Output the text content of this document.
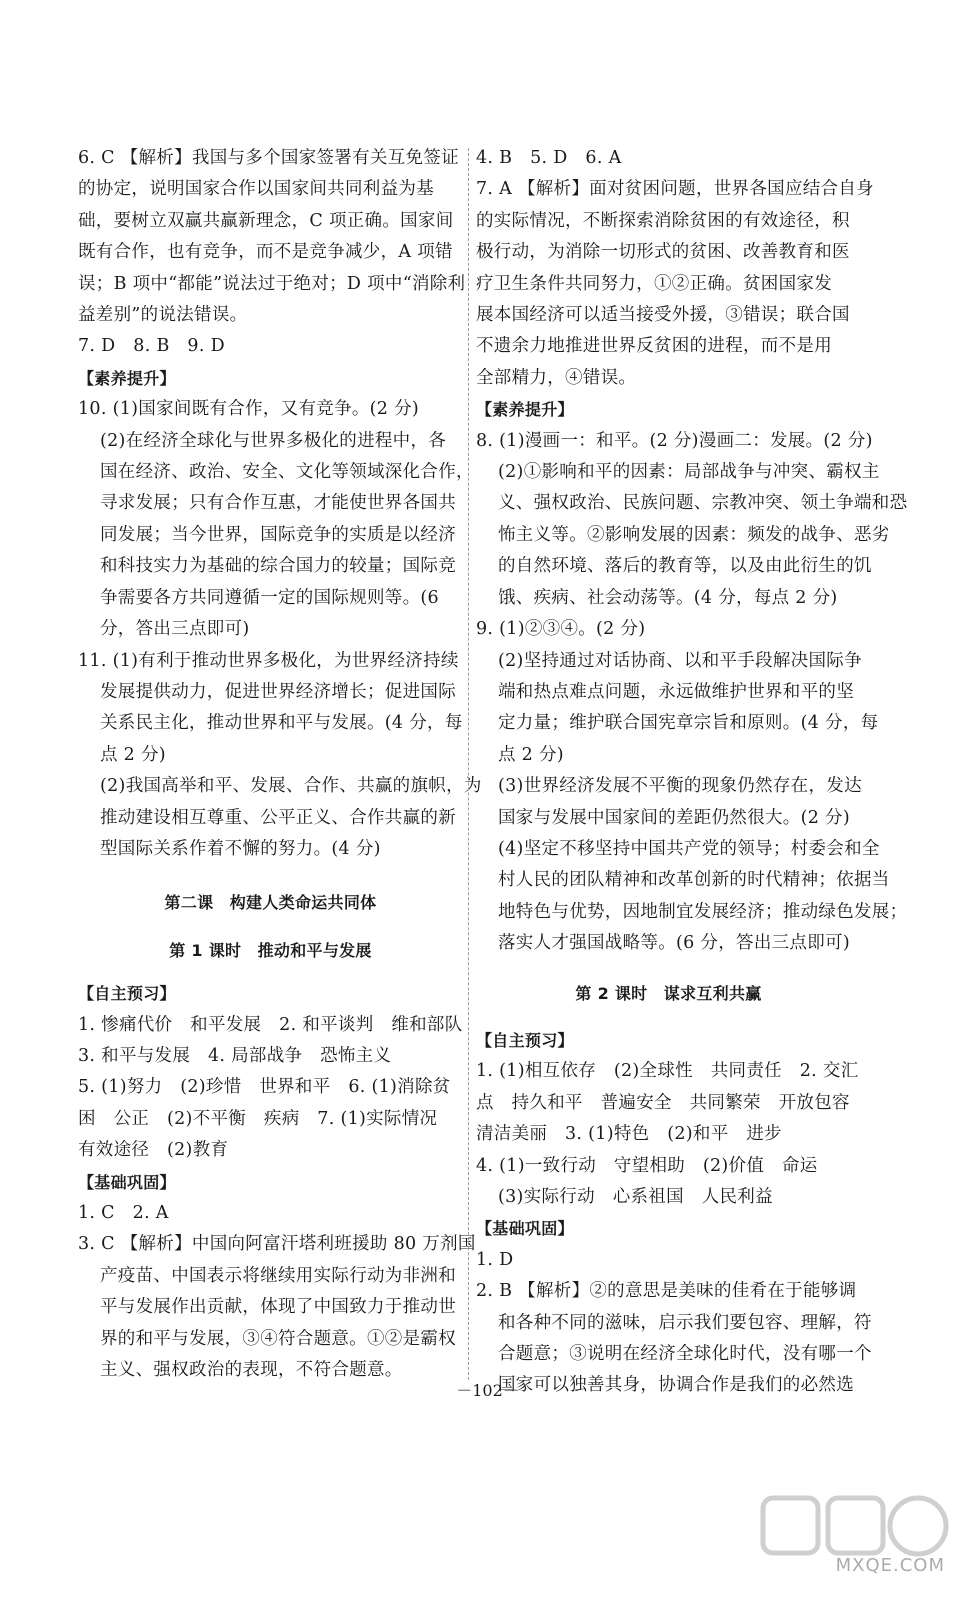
6. C 【解析】我国与多个国家签署有关互免签证
的协定，说明国家合作以国家间共同利益为基
础，要树立双赢共赢新理念，C 项正确。国家间
既有合作，也有竞争，而不是竞争减少，A 项错
误；B 项中“都能”说法过于绝对；D 项中“消除利
益差别”的说法错误。
7. D　8. B　9. D
【素养提升】
10. (1)国家间既有合作，又有竞争。(2 分)
(2)在经济全球化与世界多极化的进程中，各
国在经济、政治、安全、文化等领域深化合作，
寻求发展；只有合作互惠，才能使世界各国共
同发展；当今世界，国际竞争的实质是以经济
和科技实力为基础的综合国力的较量；国际竞
争需要各方共同遵循一定的国际规则等。(6
分，答出三点即可)
11. (1)有利于推动世界多极化，为世界经济持续
发展提供动力，促进世界经济增长；促进国际
关系民主化，推动世界和平与发展。(4 分，每
点 2 分)
(2)我国高举和平、发展、合作、共赢的旗帜，为
推动建设相互尊重、公平正义、合作共赢的新
型国际关系作着不懈的努力。(4 分)
第二课　构建人类命运共同体
第 1 课时　推动和平与发展
【自主预习】
1. 惨痛代价　和平发展　2. 和平谈判　维和部队
3. 和平与发展　4. 局部战争　恐怖主义
5. (1)努力　(2)珍惜　世界和平　6. (1)消除贫
困　公正　(2)不平衡　疾病　7. (1)实际情况
有效途径　(2)教育
【基础巩固】
1. C　2. A
3. C 【解析】中国向阿富汗塔利班援助 80 万剂国
产疫苗、中国表示将继续用实际行动为非洲和
平与发展作出贡献，体现了中国致力于推动世
界的和平与发展，③④符合题意。①②是霸权
主义、强权政治的表现，不符合题意。
4. B　5. D　6. A
7. A 【解析】面对贫困问题，世界各国应结合自身
的实际情况，不断探索消除贫困的有效途径，积
极行动，为消除一切形式的贫困、改善教育和医
疗卫生条件共同努力，①②正确。贫困国家发
展本国经济可以适当接受外援，③错误；联合国
不遗余力地推进世界反贫困的进程，而不是用
全部精力，④错误。
【素养提升】
8. (1)漫画一：和平。(2 分)漫画二：发展。(2 分)
(2)①影响和平的因素：局部战争与冲突、霸权主
义、强权政治、民族问题、宗教冲突、领土争端和恐
怖主义等。②影响发展的因素：频发的战争、恶劣
的自然环境、落后的教育等，以及由此衍生的饥
饿、疾病、社会动荡等。(4 分，每点 2 分)
9. (1)②③④。(2 分)
(2)坚持通过对话协商、以和平手段解决国际争
端和热点难点问题，永远做维护世界和平的坚
定力量；维护联合国宪章宗旨和原则。(4 分，每
点 2 分)
(3)世界经济发展不平衡的现象仍然存在，发达
国家与发展中国家间的差距仍然很大。(2 分)
(4)坚定不移坚持中国共产党的领导；村委会和全
村人民的团队精神和改革创新的时代精神；依据当
地特色与优势，因地制宜发展经济；推动绿色发展；
落实人才强国战略等。(6 分，答出三点即可)
第 2 课时　谋求互利共赢
【自主预习】
1. (1)相互依存　(2)全球性　共同责任　2. 交汇
点　持久和平　普遍安全　共同繁荣　开放包容
清洁美丽　3. (1)特色　(2)和平　进步
4. (1)一致行动　守望相助　(2)价值　命运
(3)实际行动　心系祖国　人民利益
【基础巩固】
1. D
2. B 【解析】②的意思是美味的佳肴在于能够调
和各种不同的滋味，启示我们要包容、理解，符
合题意；③说明在经济全球化时代，没有哪一个
国家可以独善其身，协调合作是我们的必然选
－102－
MXQE.COM
